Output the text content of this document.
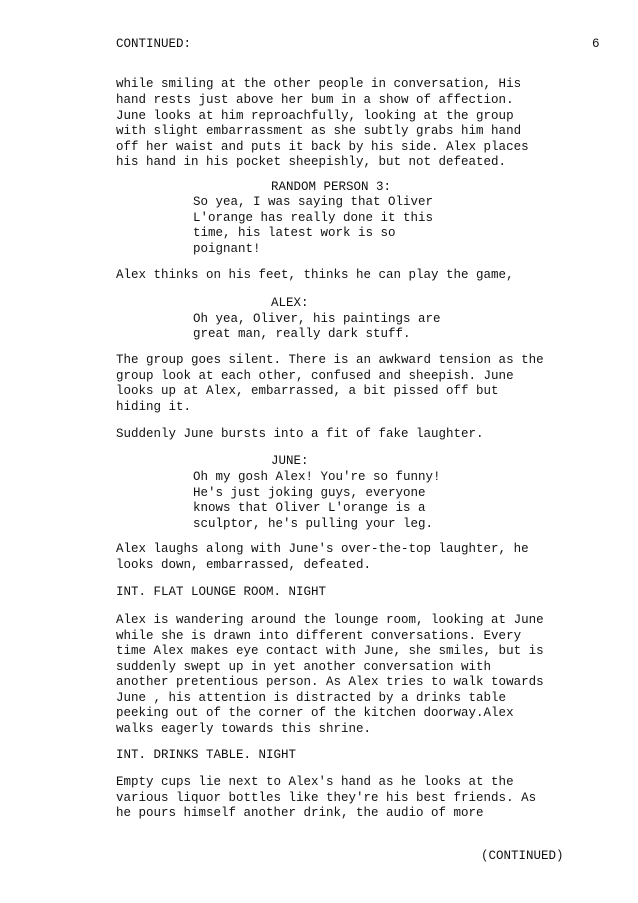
CONTINUED:	6
while smiling at the other people in conversation, His
hand rests just above her bum in a show of affection.
June looks at him reproachfully, looking at the group
with slight embarrassment as she subtly grabs him hand
off her waist and puts it back by his side. Alex places
his hand in his pocket sheepishly, but not defeated.
RANDOM PERSON 3:
So yea, I was saying that Oliver
L'orange has really done it this
time, his latest work is so
poignant!
Alex thinks on his feet, thinks he can play the game,
ALEX:
Oh yea, Oliver, his paintings are
great man, really dark stuff.
The group goes silent. There is an awkward tension as the
group look at each other, confused and sheepish. June
looks up at Alex, embarrassed, a bit pissed off but
hiding it.
Suddenly June bursts into a fit of fake laughter.
JUNE:
Oh my gosh Alex! You're so funny!
He's just joking guys, everyone
knows that Oliver L'orange is a
sculptor, he's pulling your leg.
Alex laughs along with June's over-the-top laughter, he
looks down, embarrassed, defeated.
INT. FLAT LOUNGE ROOM. NIGHT
Alex is wandering around the lounge room, looking at June
while she is drawn into different conversations. Every
time Alex makes eye contact with June, she smiles, but is
suddenly swept up in yet another conversation with
another pretentious person. As Alex tries to walk towards
June , his attention is distracted by a drinks table
peeking out of the corner of the kitchen doorway.Alex
walks eagerly towards this shrine.
INT. DRINKS TABLE. NIGHT
Empty cups lie next to Alex's hand as he looks at the
various liquor bottles like they're his best friends. As
he pours himself another drink, the audio of more
(CONTINUED)
